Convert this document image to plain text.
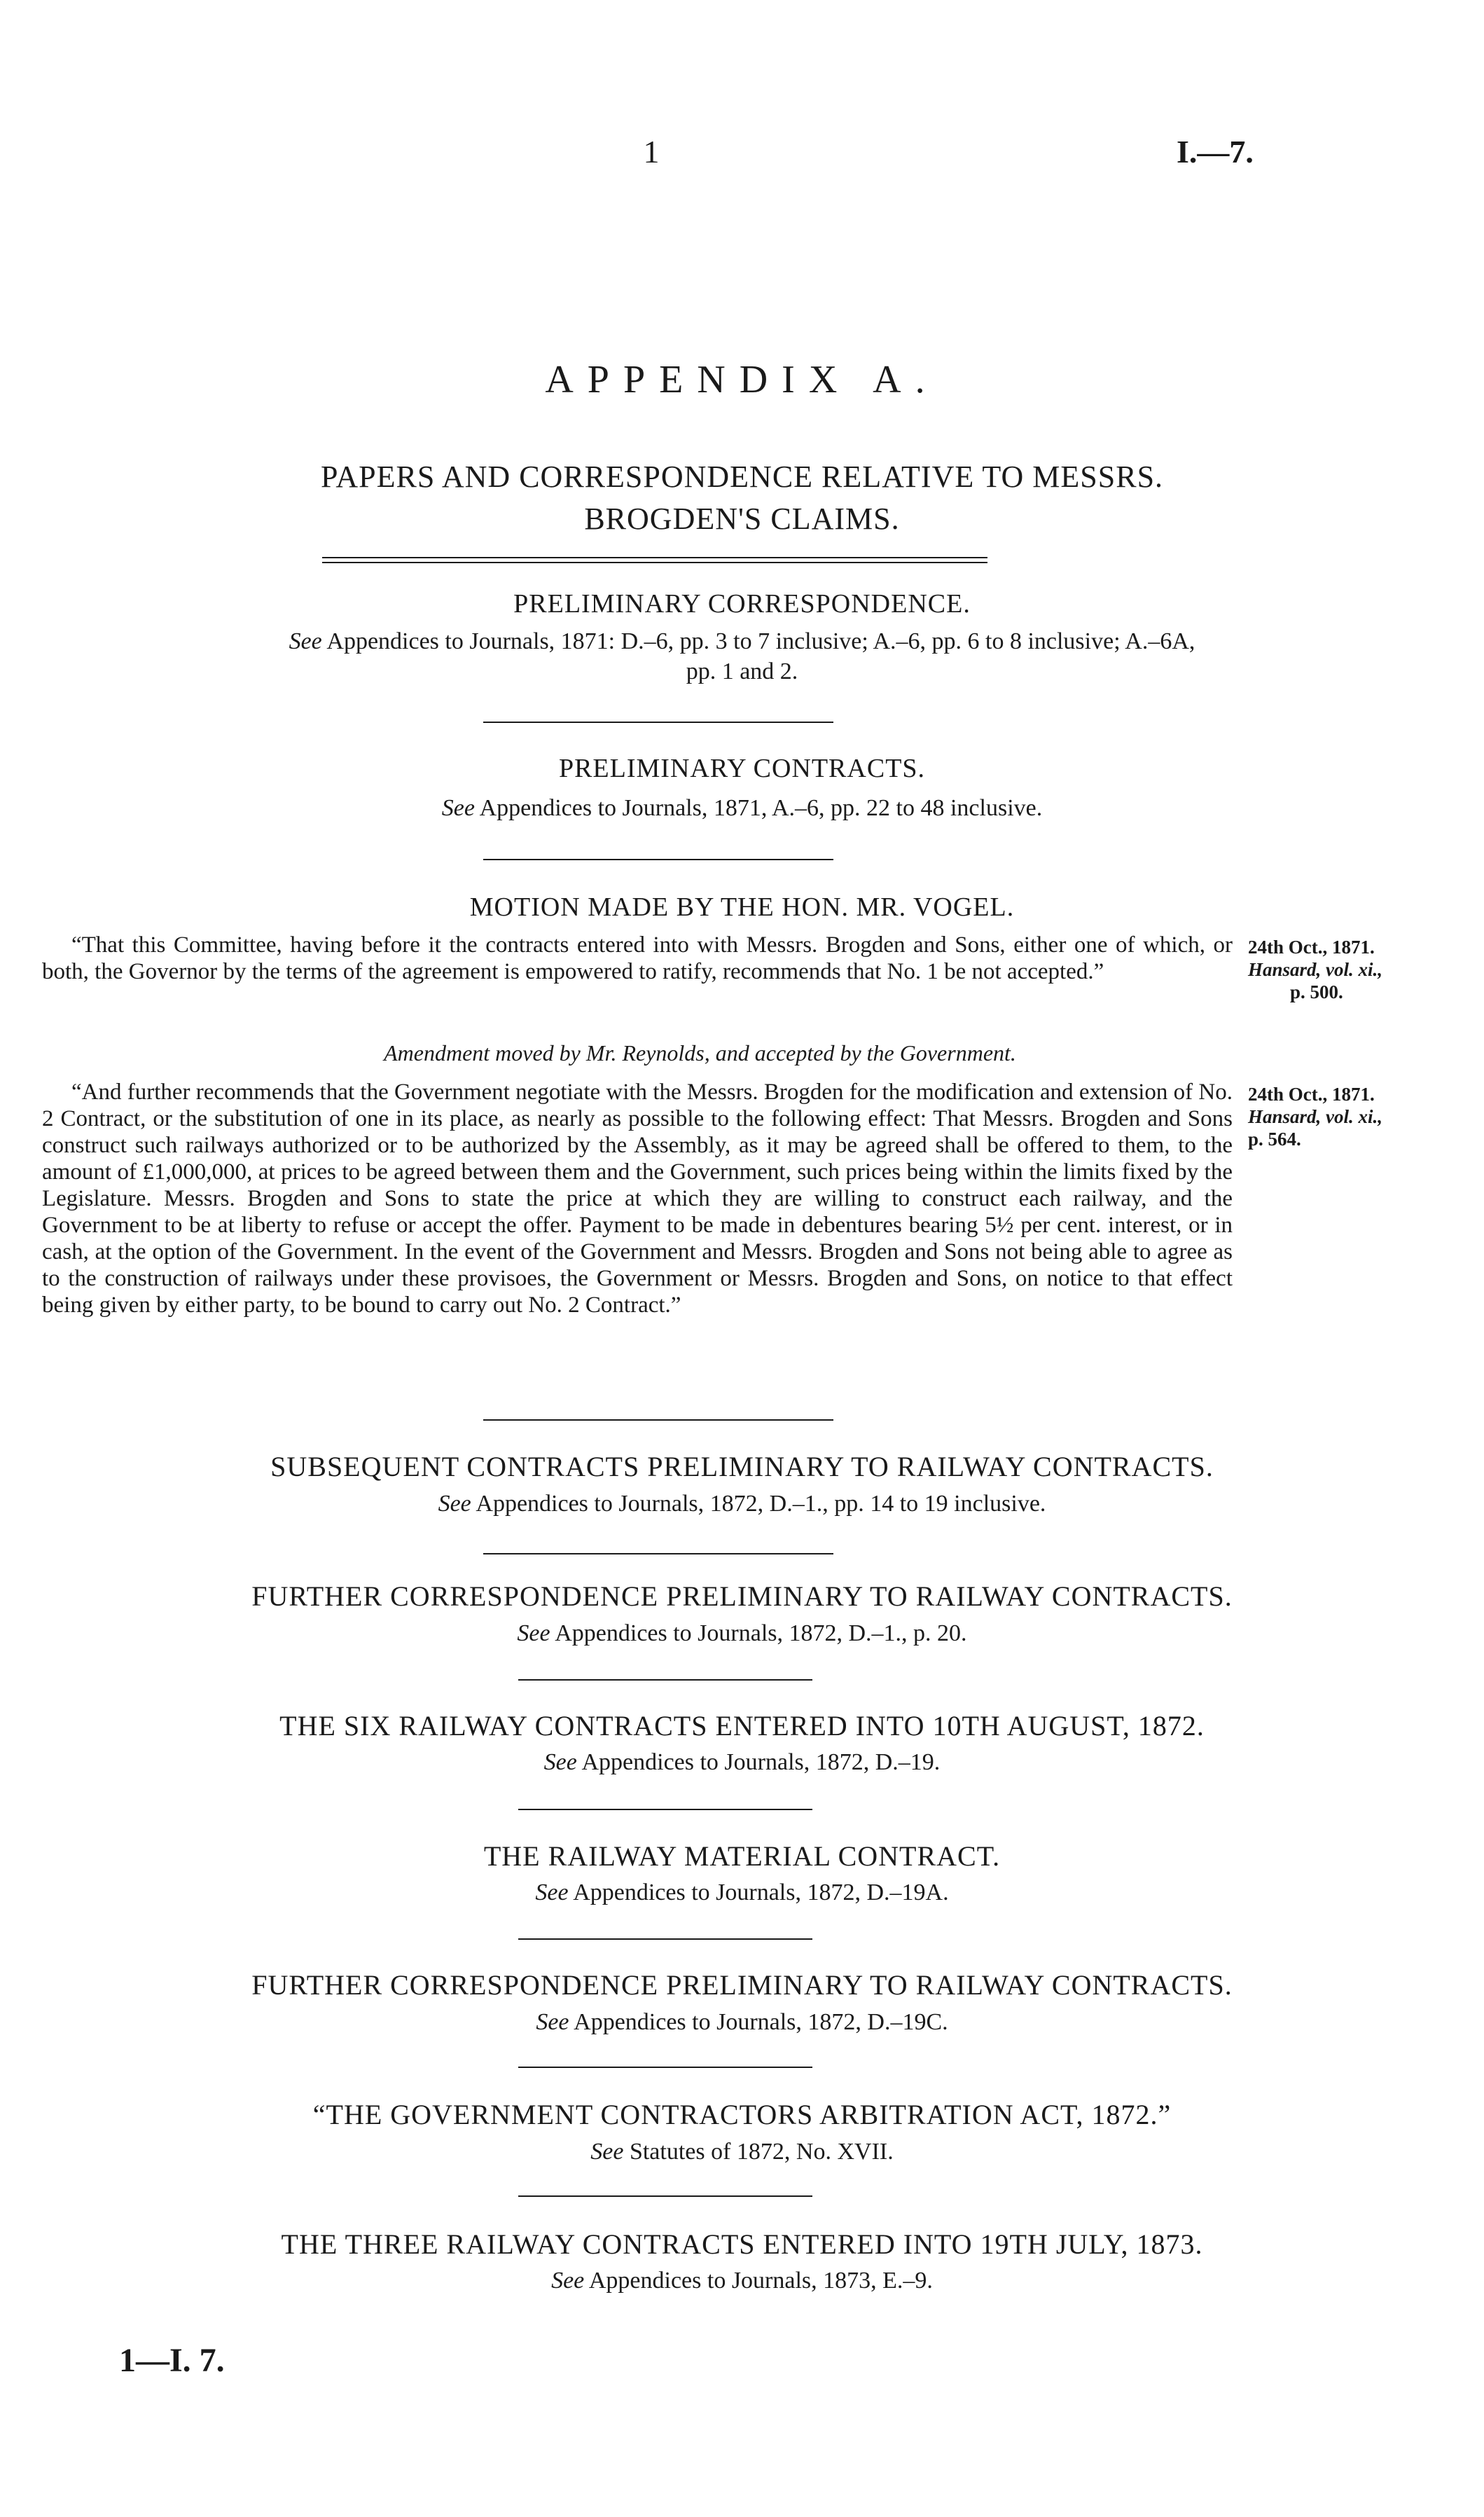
1	I.—7.
APPENDIX A.
PAPERS AND CORRESPONDENCE RELATIVE TO MESSRS.
BROGDEN'S CLAIMS.
PRELIMINARY CORRESPONDENCE.
See Appendices to Journals, 1871: D.–6, pp. 3 to 7 inclusive; A.–6, pp. 6 to 8 inclusive; A.–6A,
pp. 1 and 2.
PRELIMINARY CONTRACTS.
See Appendices to Journals, 1871, A.–6, pp. 22 to 48 inclusive.
MOTION MADE BY THE HON. MR. VOGEL.

“That this Committee, having before it the contracts entered into with Messrs. Brogden and Sons, either one of which, or both, the Governor by the terms of the agreement is empowered to ratify, recommends that No. 1 be not accepted.”

24th Oct., 1871.
Hansard, vol. xi.,
p. 500.
Amendment moved by Mr. Reynolds, and accepted by the Government.

“And further recommends that the Government negotiate with the Messrs. Brogden for the modification and extension of No. 2 Contract, or the substitution of one in its place, as nearly as possible to the following effect: That Messrs. Brogden and Sons construct such railways authorized or to be authorized by the Assembly, as it may be agreed shall be offered to them, to the amount of £1,000,000, at prices to be agreed between them and the Government, such prices being within the limits fixed by the Legislature. Messrs. Brogden and Sons to state the price at which they are willing to construct each railway, and the Government to be at liberty to refuse or accept the offer. Payment to be made in debentures bearing 5½ per cent. interest, or in cash, at the option of the Government. In the event of the Government and Messrs. Brogden and Sons not being able to agree as to the construction of railways under these provisoes, the Government or Messrs. Brogden and Sons, on notice to that effect being given by either party, to be bound to carry out No. 2 Contract.”

24th Oct., 1871.
Hansard, vol. xi.,
p. 564.
SUBSEQUENT CONTRACTS PRELIMINARY TO RAILWAY CONTRACTS.
See Appendices to Journals, 1872, D.–1., pp. 14 to 19 inclusive.
FURTHER CORRESPONDENCE PRELIMINARY TO RAILWAY CONTRACTS.
See Appendices to Journals, 1872, D.–1., p. 20.
THE SIX RAILWAY CONTRACTS ENTERED INTO 10TH AUGUST, 1872.
See Appendices to Journals, 1872, D.–19.
THE RAILWAY MATERIAL CONTRACT.
See Appendices to Journals, 1872, D.–19A.
FURTHER CORRESPONDENCE PRELIMINARY TO RAILWAY CONTRACTS.
See Appendices to Journals, 1872, D.–19C.
“THE GOVERNMENT CONTRACTORS ARBITRATION ACT, 1872.”
See Statutes of 1872, No. XVII.
THE THREE RAILWAY CONTRACTS ENTERED INTO 19TH JULY, 1873.
See Appendices to Journals, 1873, E.–9.
1—I. 7.
